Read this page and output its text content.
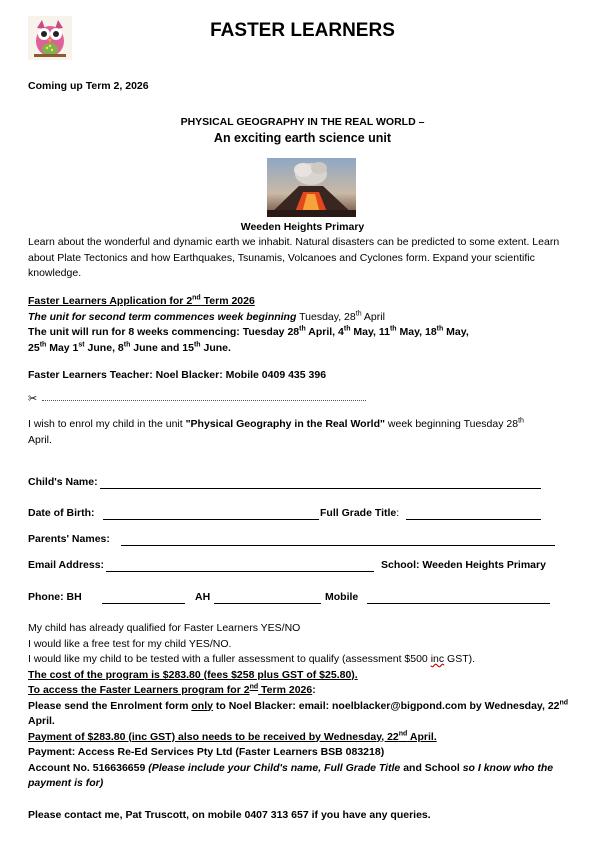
FASTER LEARNERS
Coming up Term 2, 2026
PHYSICAL GEOGRAPHY IN THE REAL WORLD –
An exciting earth science unit
Weeden Heights Primary
Learn about the wonderful and dynamic earth we inhabit. Natural disasters can be predicted to some extent. Learn about Plate Tectonics and how Earthquakes, Tsunamis, Volcanoes and Cyclones form. Expand your scientific knowledge.
Faster Learners Application for 2nd Term 2026
The unit for second term commences week beginning Tuesday, 28th April
The unit will run for 8 weeks commencing: Tuesday 28th April, 4th May, 11th May, 18th May,
25th May 1st June, 8th June and 15th June.
Faster Learners Teacher: Noel Blacker: Mobile 0409 435 396
✂
I wish to enrol my child in the unit "Physical Geography in the Real World" week beginning Tuesday 28th April.
Child's Name:
Date of Birth:	Full Grade Title:
Parents' Names:
Email Address:	School: Weeden Heights Primary
Phone: BH	AH	Mobile
My child has already qualified for Faster Learners YES/NO
I would like a free test for my child YES/NO.
I would like my child to be tested with a fuller assessment to qualify (assessment $500 inc GST).
The cost of the program is $283.80 (fees $258 plus GST of $25.80).
To access the Faster Learners program for 2nd Term 2026:
Please send the Enrolment form only to Noel Blacker: email: noelblacker@bigpond.com by Wednesday, 22nd April.
Payment of $283.80 (inc GST) also needs to be received by Wednesday, 22nd April.
Payment: Access Re-Ed Services Pty Ltd (Faster Learners BSB 083218)
Account No. 516636659 (Please include your Child's name, Full Grade Title and School so I know who the payment is for)
Please contact me, Pat Truscott, on mobile 0407 313 657 if you have any queries.
